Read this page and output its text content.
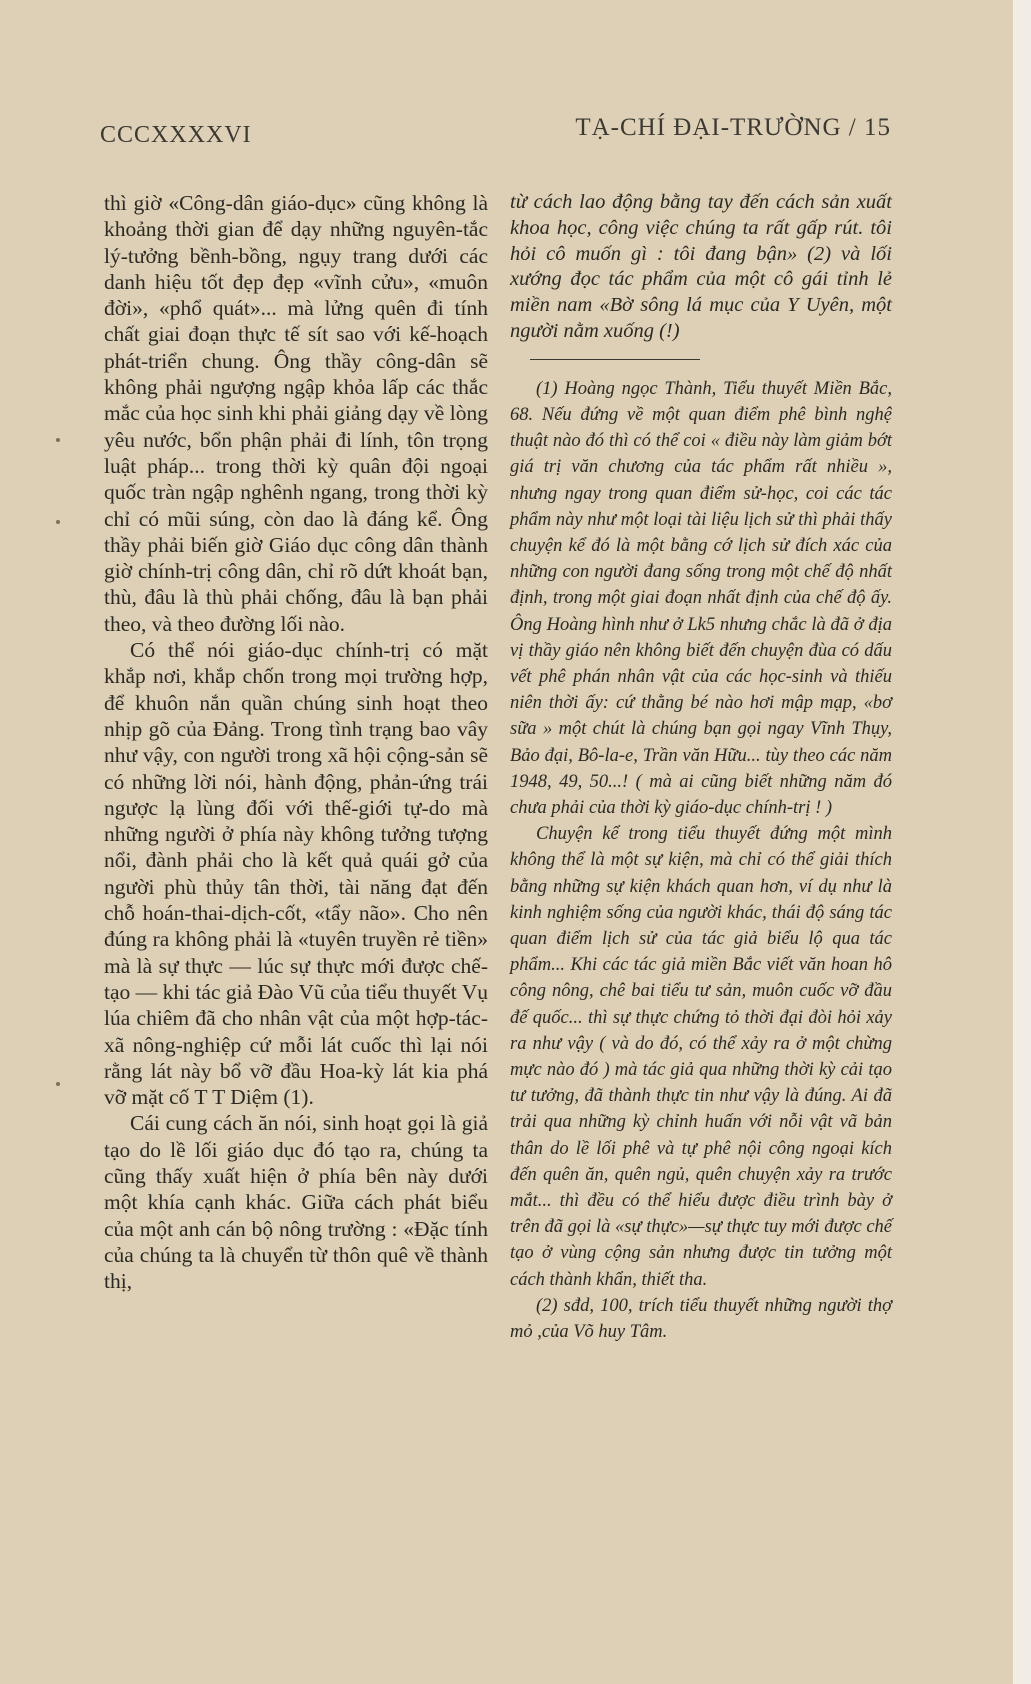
CCCXXXXVI	TẠ-CHÍ ĐẠI-TRƯỜNG / 15

thì giờ «Công-dân giáo-dục» cũng không là khoảng thời gian để dạy những nguyên-tắc lý-tưởng bềnh-bồng, ngụy trang dưới các danh hiệu tốt đẹp đẹp «vĩnh cửu», «muôn đời», «phổ quát»... mà lửng quên đi tính chất giai đoạn thực tế sít sao với kế-hoạch phát-triển chung. Ông thầy công-dân sẽ không phải ngượng ngập khỏa lấp các thắc mắc của học sinh khi phải giảng dạy về lòng yêu nước, bổn phận phải đi lính, tôn trọng luật pháp... trong thời kỳ quân đội ngoại quốc tràn ngập nghênh ngang, trong thời kỳ chỉ có mũi súng, còn dao là đáng kể. Ông thầy phải biến giờ Giáo dục công dân thành giờ chính-trị công dân, chỉ rõ dứt khoát bạn, thù, đâu là thù phải chống, đâu là bạn phải theo, và theo đường lối nào.

Có thể nói giáo-dục chính-trị có mặt khắp nơi, khắp chốn trong mọi trường hợp, để khuôn nắn quần chúng sinh hoạt theo nhịp gõ của Đảng. Trong tình trạng bao vây như vậy, con người trong xã hội cộng-sản sẽ có những lời nói, hành động, phản-ứng trái ngược lạ lùng đối với thế-giới tự-do mà những người ở phía này không tưởng tượng nổi, đành phải cho là kết quả quái gở của người phù thủy tân thời, tài năng đạt đến chỗ hoán-thai-dịch-cốt, «tẩy não». Cho nên đúng ra không phải là «tuyên truyền rẻ tiền» mà là sự thực — lúc sự thực mới được chế-tạo — khi tác giả Đào Vũ của tiểu thuyết Vụ lúa chiêm đã cho nhân vật của một hợp-tác-xã nông-nghiệp cứ mỗi lát cuốc thì lại nói rằng lát này bổ vỡ đầu Hoa-kỳ lát kia phá vỡ mặt cố T T Diệm (1).

Cái cung cách ăn nói, sinh hoạt gọi là giả tạo do lề lối giáo dục đó tạo ra, chúng ta cũng thấy xuất hiện ở phía bên này dưới một khía cạnh khác. Giữa cách phát biểu của một anh cán bộ nông trường : «Đặc tính của chúng ta là chuyển từ thôn quê về thành thị,

từ cách lao động bằng tay đến cách sản xuất khoa học, công việc chúng ta rất gấp rút. tôi hỏi cô muốn gì : tôi đang bận» (2) và lối xướng đọc tác phẩm của một cô gái tỉnh lẻ miền nam «Bờ sông lá mục của Y Uyên, một người nằm xuống (!)

(1) Hoàng ngọc Thành, Tiểu thuyết Miền Bắc, 68. Nếu đứng về một quan điểm phê bình nghệ thuật nào đó thì có thể coi « điều này làm giảm bớt giá trị văn chương của tác phẩm rất nhiều », nhưng ngay trong quan điểm sử-học, coi các tác phẩm này như một loại tài liệu lịch sử thì phải thấy chuyện kể đó là một bằng cớ lịch sử đích xác của những con người đang sống trong một chế độ nhất định, trong một giai đoạn nhất định của chế độ ấy. Ông Hoàng hình như ở Lk5 nhưng chắc là đã ở địa vị thầy giáo nên không biết đến chuyện đùa có dấu vết phê phán nhân vật của các học-sinh và thiếu niên thời ấy: cứ thằng bé nào hơi mập mạp, «bơ sữa » một chút là chúng bạn gọi ngay Vĩnh Thụy, Bảo đại, Bô-la-e, Trần văn Hữu... tùy theo các năm 1948, 49, 50...! ( mà ai cũng biết những năm đó chưa phải của thời kỳ giáo-dục chính-trị ! )

Chuyện kể trong tiểu thuyết đứng một mình không thể là một sự kiện, mà chỉ có thể giải thích bằng những sự kiện khách quan hơn, ví dụ như là kinh nghiệm sống của người khác, thái độ sáng tác quan điểm lịch sử của tác giả biểu lộ qua tác phẩm... Khi các tác giả miền Bắc viết văn hoan hô công nông, chê bai tiểu tư sản, muôn cuốc vỡ đầu đế quốc... thì sự thực chứng tỏ thời đại đòi hỏi xảy ra như vậy ( và do đó, có thể xảy ra ở một chừng mực nào đó ) mà tác giả qua những thời kỳ cải tạo tư tưởng, đã thành thực tin như vậy là đúng. Ai đã trải qua những kỳ chỉnh huấn với nỗi vật vã bản thân do lề lối phê và tự phê nội công ngoại kích đến quên ăn, quên ngủ, quên chuyện xảy ra trước mắt... thì đều có thể hiểu được điều trình bày ở trên đã gọi là «sự thực»—sự thực tuy mới được chế tạo ở vùng cộng sản nhưng được tin tưởng một cách thành khẩn, thiết tha.

(2) sđd, 100, trích tiểu thuyết những người thợ mỏ ,của Võ huy Tâm.
